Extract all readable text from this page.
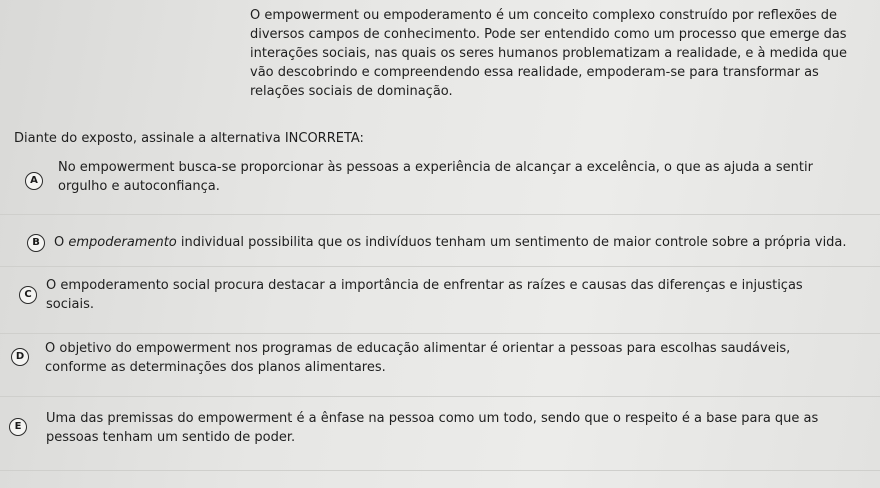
O empowerment ou empoderamento é um conceito complexo construído por reflexões de
diversos campos de conhecimento. Pode ser entendido como um processo que emerge das
interações sociais, nas quais os seres humanos problematizam a realidade, e à medida que
vão descobrindo e compreendendo essa realidade, empoderam-se para transformar as
relações sociais de dominação.
Diante do exposto, assinale a alternativa INCORRETA:
A
No empowerment busca-se proporcionar às pessoas a experiência de alcançar a excelência, o que as ajuda a sentir
orgulho e autoconfiança.
B	O empoderamento individual possibilita que os indivíduos tenham um sentimento de maior controle sobre a própria vida.
C
O empoderamento social procura destacar a importância de enfrentar as raízes e causas das diferenças e injustiças
sociais.
D
O objetivo do empowerment nos programas de educação alimentar é orientar a pessoas para escolhas saudáveis,
conforme as determinações dos planos alimentares.
E
Uma das premissas do empowerment é a ênfase na pessoa como um todo, sendo que o respeito é a base para que as
pessoas tenham um sentido de poder.
